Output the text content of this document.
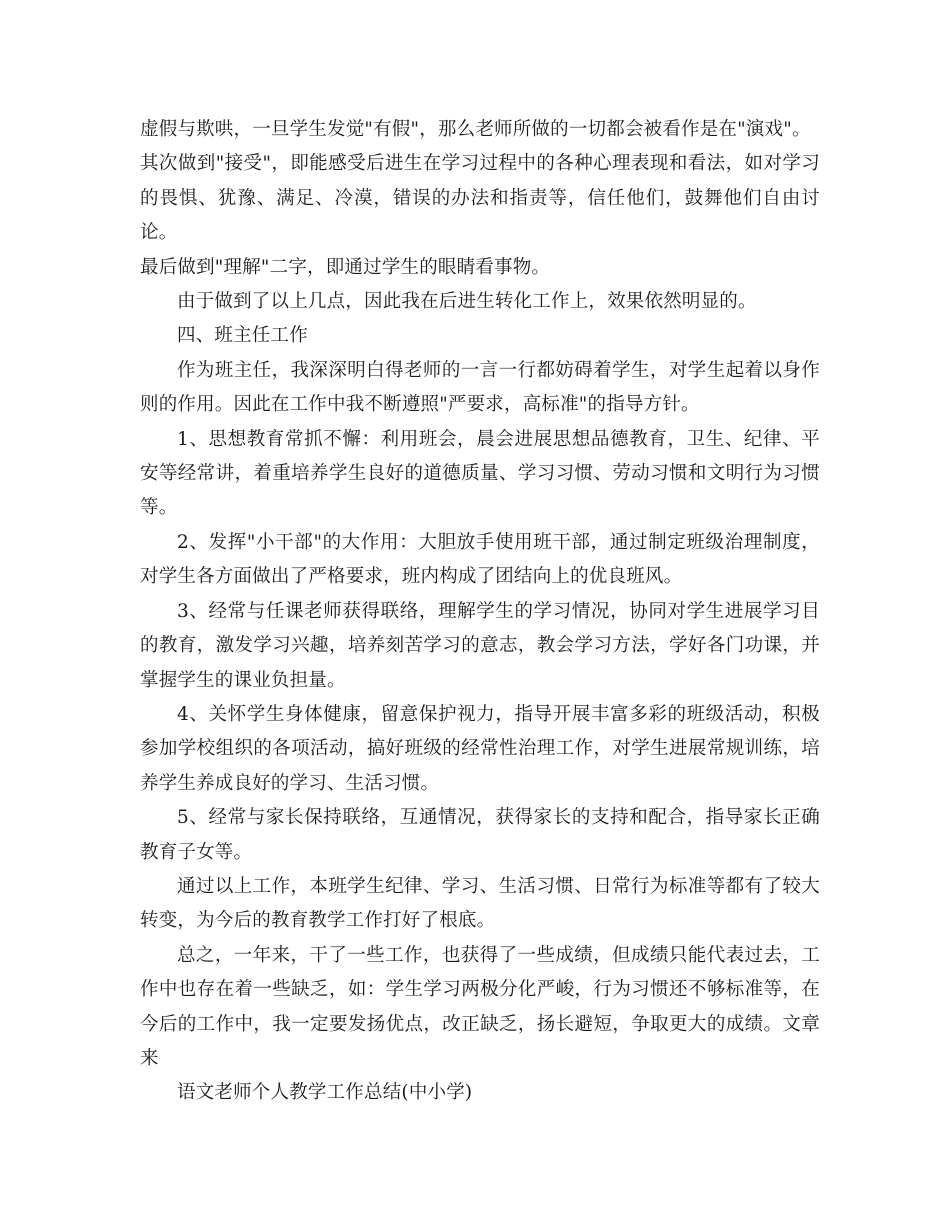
虚假与欺哄，一旦学生发觉"有假"，那么老师所做的一切都会被看作是在"演戏"。

其次做到"接受"，即能感受后进生在学习过程中的各种心理表现和看法，如对学习的畏惧、犹豫、满足、冷漠，错误的办法和指责等，信任他们，鼓舞他们自由讨论。

最后做到"理解"二字，即通过学生的眼睛看事物。

由于做到了以上几点，因此我在后进生转化工作上，效果依然明显的。

四、班主任工作

作为班主任，我深深明白得老师的一言一行都妨碍着学生，对学生起着以身作则的作用。因此在工作中我不断遵照"严要求，高标准"的指导方针。

1、思想教育常抓不懈：利用班会，晨会进展思想品德教育，卫生、纪律、平安等经常讲，着重培养学生良好的道德质量、学习习惯、劳动习惯和文明行为习惯等。

2、发挥"小干部"的大作用：大胆放手使用班干部，通过制定班级治理制度，对学生各方面做出了严格要求，班内构成了团结向上的优良班风。

3、经常与任课老师获得联络，理解学生的学习情况，协同对学生进展学习目的教育，激发学习兴趣，培养刻苦学习的意志，教会学习方法，学好各门功课，并掌握学生的课业负担量。

4、关怀学生身体健康，留意保护视力，指导开展丰富多彩的班级活动，积极参加学校组织的各项活动，搞好班级的经常性治理工作，对学生进展常规训练，培养学生养成良好的学习、生活习惯。

5、经常与家长保持联络，互通情况，获得家长的支持和配合，指导家长正确教育子女等。

通过以上工作，本班学生纪律、学习、生活习惯、日常行为标准等都有了较大转变，为今后的教育教学工作打好了根底。

总之，一年来，干了一些工作，也获得了一些成绩，但成绩只能代表过去，工作中也存在着一些缺乏，如：学生学习两极分化严峻，行为习惯还不够标准等，在今后的工作中，我一定要发扬优点，改正缺乏，扬长避短，争取更大的成绩。文章来

语文老师个人教学工作总结(中小学)
